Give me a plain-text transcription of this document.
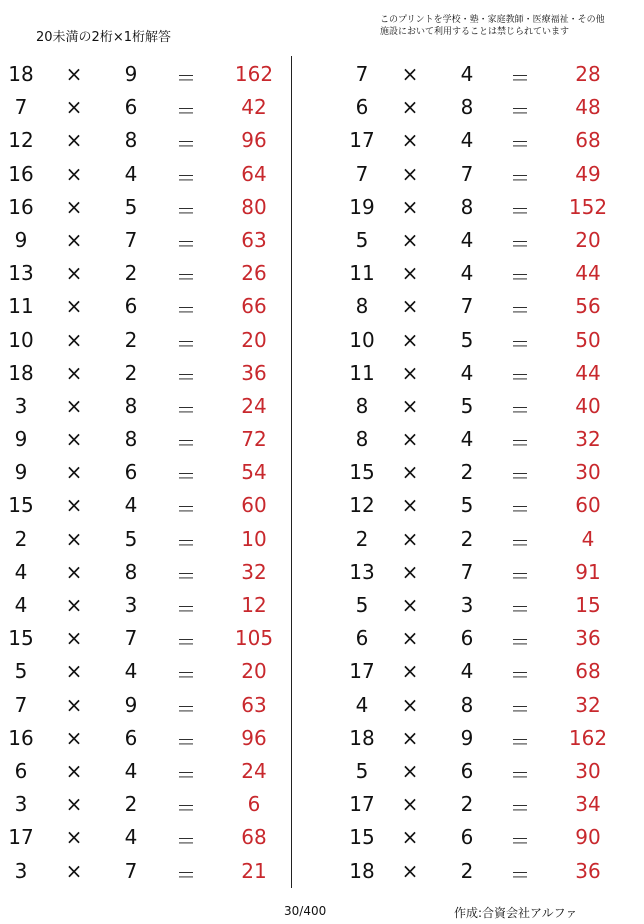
20未満の2桁×1桁解答
このプリントを学校・塾・家庭教師・医療福祉・その他
施設において利用することは禁じられています
18	×	9	＝	162
7	×	6	＝	42
12	×	8	＝	96
16	×	4	＝	64
16	×	5	＝	80
9	×	7	＝	63
13	×	2	＝	26
11	×	6	＝	66
10	×	2	＝	20
18	×	2	＝	36
3	×	8	＝	24
9	×	8	＝	72
9	×	6	＝	54
15	×	4	＝	60
2	×	5	＝	10
4	×	8	＝	32
4	×	3	＝	12
15	×	7	＝	105
5	×	4	＝	20
7	×	9	＝	63
16	×	6	＝	96
6	×	4	＝	24
3	×	2	＝	6
17	×	4	＝	68
3	×	7	＝	21
7	×	4	＝	28
6	×	8	＝	48
17	×	4	＝	68
7	×	7	＝	49
19	×	8	＝	152
5	×	4	＝	20
11	×	4	＝	44
8	×	7	＝	56
10	×	5	＝	50
11	×	4	＝	44
8	×	5	＝	40
8	×	4	＝	32
15	×	2	＝	30
12	×	5	＝	60
2	×	2	＝	4
13	×	7	＝	91
5	×	3	＝	15
6	×	6	＝	36
17	×	4	＝	68
4	×	8	＝	32
18	×	9	＝	162
5	×	6	＝	30
17	×	2	＝	34
15	×	6	＝	90
18	×	2	＝	36
30/400	作成:合資会社アルファ
